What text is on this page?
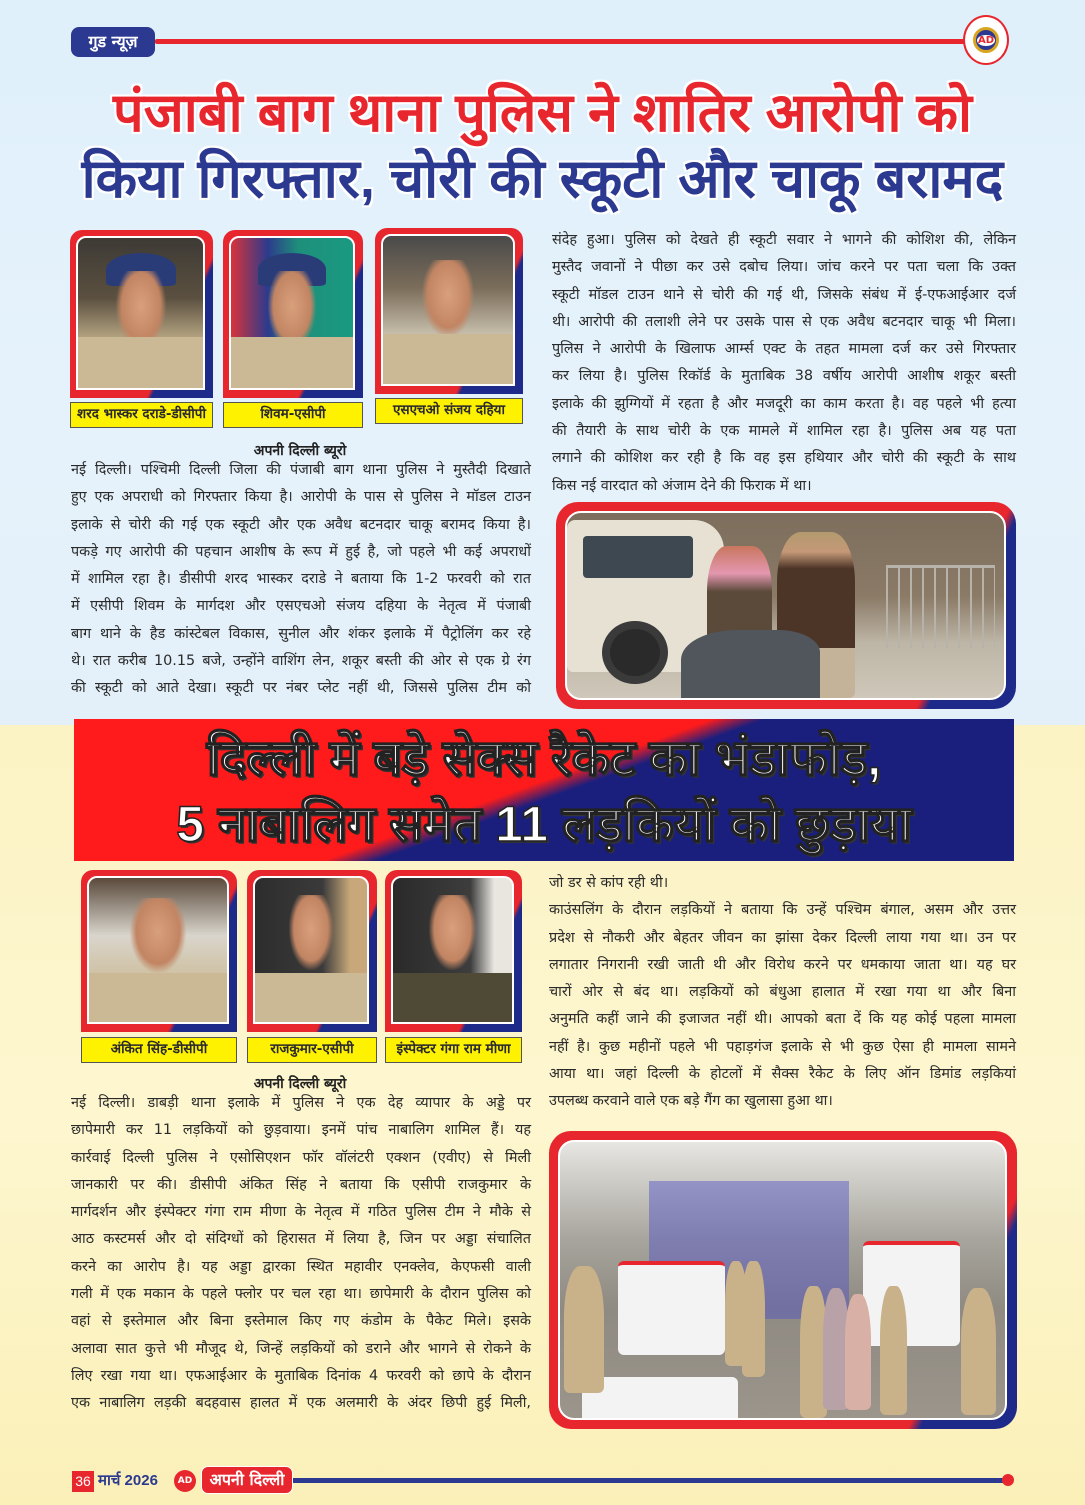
गुड न्यूज़	AD
पंजाबी बाग थाना पुलिस ने शातिर आरोपी को
किया गिरफ्तार, चोरी की स्कूटी और चाकू बरामद
शरद भास्कर दराडे-डीसीपी	शिवम-एसीपी	एसएचओ संजय दहिया
अपनी दिल्ली ब्यूरो

नई दिल्ली। पश्चिमी दिल्ली जिला की पंजाबी बाग थाना पुलिस ने मुस्तैदी दिखाते

हुए एक अपराधी को गिरफ्तार किया है। आरोपी के पास से पुलिस ने मॉडल टाउन

इलाके से चोरी की गई एक स्कूटी और एक अवैध बटनदार चाकू बरामद किया है।

पकड़े गए आरोपी की पहचान आशीष के रूप में हुई है, जो पहले भी कई अपराधों

में शामिल रहा है। डीसीपी शरद भास्कर दराडे ने बताया कि 1-2 फरवरी को रात

में एसीपी शिवम के मार्गदश और एसएचओ संजय दहिया के नेतृत्व में पंजाबी

बाग थाने के हैड कांस्टेबल विकास, सुनील और शंकर इलाके में पैट्रोलिंग कर रहे

थे। रात करीब 10.15 बजे, उन्होंने वाशिंग लेन, शकूर बस्ती की ओर से एक ग्रे रंग

की स्कूटी को आते देखा। स्कूटी पर नंबर प्लेट नहीं थी, जिससे पुलिस टीम को

संदेह हुआ। पुलिस को देखते ही स्कूटी सवार ने भागने की कोशिश की, लेकिन

मुस्तैद जवानों ने पीछा कर उसे दबोच लिया। जांच करने पर पता चला कि उक्त

स्कूटी मॉडल टाउन थाने से चोरी की गई थी, जिसके संबंध में ई-एफआईआर दर्ज

थी। आरोपी की तलाशी लेने पर उसके पास से एक अवैध बटनदार चाकू भी मिला।

पुलिस ने आरोपी के खिलाफ आर्म्स एक्ट के तहत मामला दर्ज कर उसे गिरफ्तार

कर लिया है। पुलिस रिकॉर्ड के मुताबिक 38 वर्षीय आरोपी आशीष शकूर बस्ती

इलाके की झुग्गियों में रहता है और मजदूरी का काम करता है। वह पहले भी हत्या

की तैयारी के साथ चोरी के एक मामले में शामिल रहा है। पुलिस अब यह पता

लगाने की कोशिश कर रही है कि वह इस हथियार और चोरी की स्कूटी के साथ

किस नई वारदात को अंजाम देने की फिराक में था।

दिल्ली में बड़े सेक्स रैकेट का भंडाफोड़,
5 नाबालिग समेत 11 लड़कियों को छुड़ाया
अंकित सिंह-डीसीपी	राजकुमार-एसीपी	इंस्पेक्टर गंगा राम मीणा
अपनी दिल्ली ब्यूरो

नई दिल्ली। डाबड़ी थाना इलाके में पुलिस ने एक देह व्यापार के अड्डे पर

छापेमारी कर 11 लड़कियों को छुड़वाया। इनमें पांच नाबालिग शामिल हैं। यह

कार्रवाई दिल्ली पुलिस ने एसोसिएशन फॉर वॉलंटरी एक्शन (एवीए) से मिली

जानकारी पर की। डीसीपी अंकित सिंह ने बताया कि एसीपी राजकुमार के

मार्गदर्शन और इंस्पेक्टर गंगा राम मीणा के नेतृत्व में गठित पुलिस टीम ने मौके से

आठ कस्टमर्स और दो संदिग्धों को हिरासत में लिया है, जिन पर अड्डा संचालित

करने का आरोप है। यह अड्डा द्वारका स्थित महावीर एनक्लेव, केएफसी वाली

गली में एक मकान के पहले फ्लोर पर चल रहा था। छापेमारी के दौरान पुलिस को

वहां से इस्तेमाल और बिना इस्तेमाल किए गए कंडोम के पैकेट मिले। इसके

अलावा सात कुत्ते भी मौजूद थे, जिन्हें लड़कियों को डराने और भागने से रोकने के

लिए रखा गया था। एफआईआर के मुताबिक दिनांक 4 फरवरी को छापे के दौरान

एक नाबालिग लड़की बदहवास हालत में एक अलमारी के अंदर छिपी हुई मिली,

जो डर से कांप रही थी।

काउंसलिंग के दौरान लड़कियों ने बताया कि उन्हें पश्चिम बंगाल, असम और उत्तर

प्रदेश से नौकरी और बेहतर जीवन का झांसा देकर दिल्ली लाया गया था। उन पर

लगातार निगरानी रखी जाती थी और विरोध करने पर धमकाया जाता था। यह घर

चारों ओर से बंद था। लड़कियों को बंधुआ हालात में रखा गया था और बिना

अनुमति कहीं जाने की इजाजत नहीं थी। आपको बता दें कि यह कोई पहला मामला

नहीं है। कुछ महीनों पहले भी पहाड़गंज इलाके से भी कुछ ऐसा ही मामला सामने

आया था। जहां दिल्ली के होटलों में सैक्स रैकेट के लिए ऑन डिमांड लड़कियां

उपलब्ध करवाने वाले एक बड़े गैंग का खुलासा हुआ था।

36 मार्च 2026	AD	अपनी दिल्ली
